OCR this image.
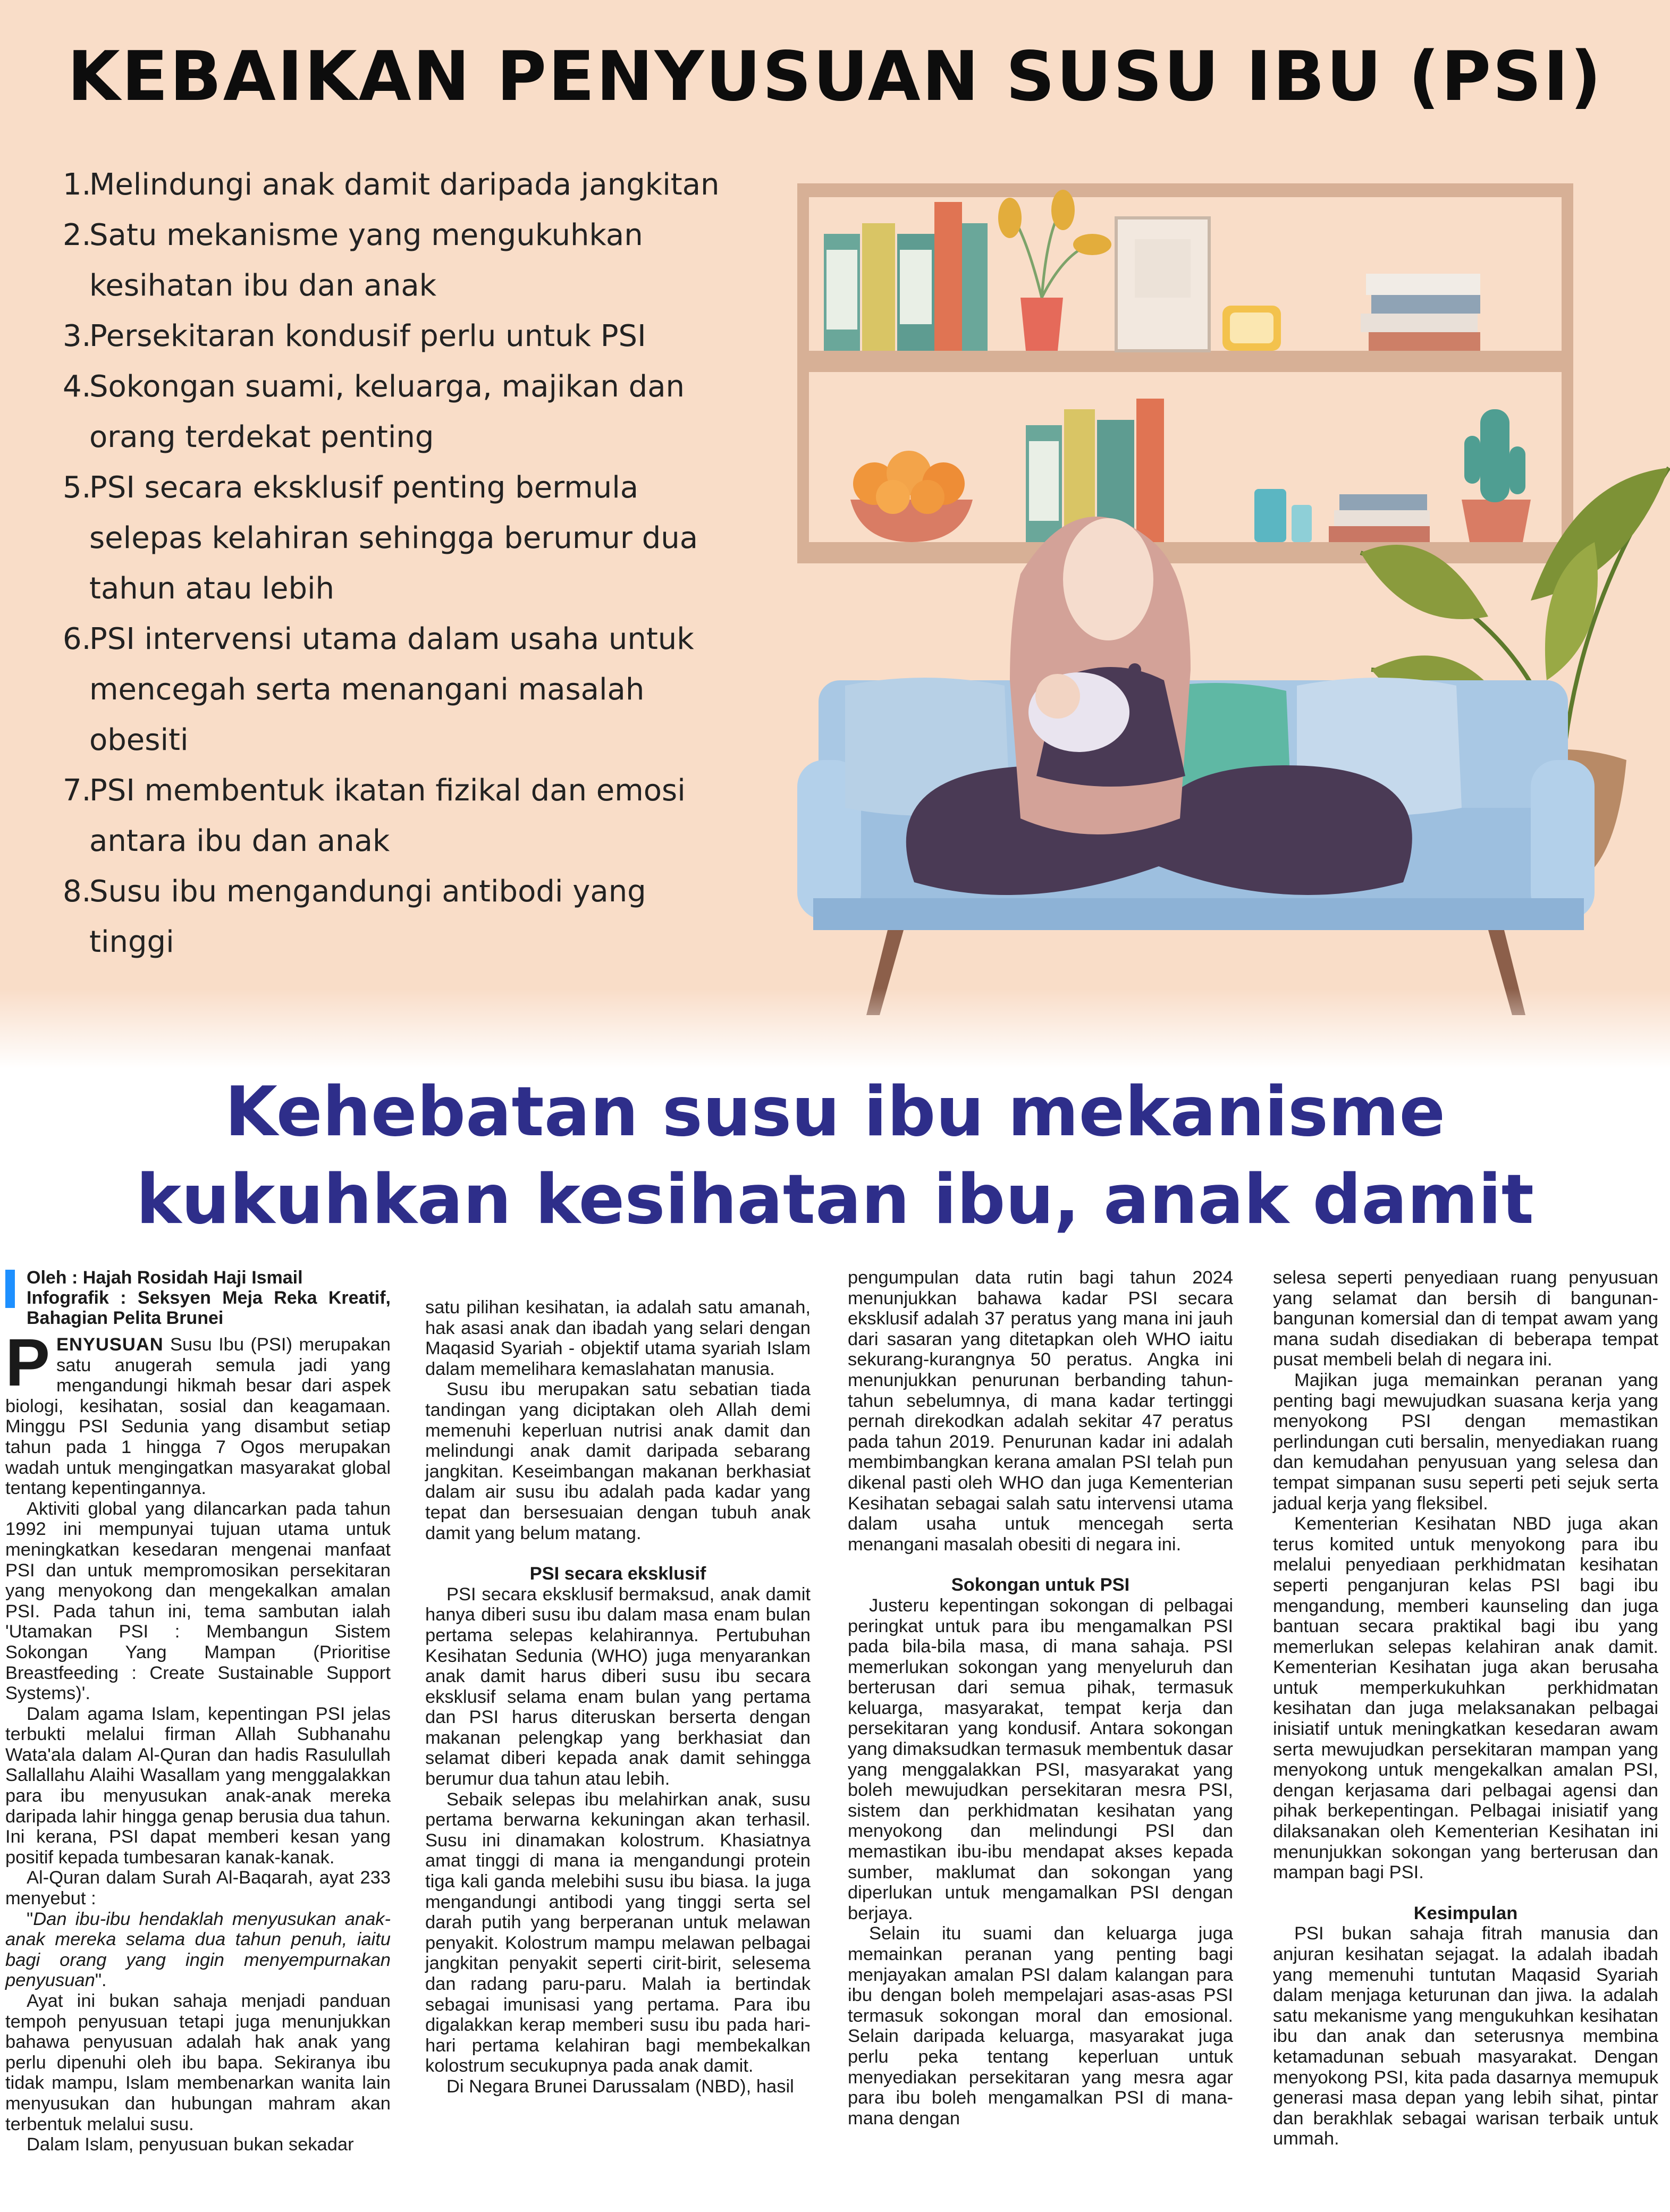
KEBAIKAN PENYUSUAN SUSU IBU (PSI)
1.
Melindungi anak damit daripada jangkitan
2.
Satu mekanisme yang mengukuhkan
kesihatan ibu dan anak
3.
Persekitaran kondusif perlu untuk PSI
4.
Sokongan suami, keluarga, majikan dan
orang terdekat penting
5.
PSI secara eksklusif penting bermula
selepas kelahiran sehingga berumur dua
tahun atau lebih
6.
PSI intervensi utama dalam usaha untuk
mencegah serta menangani masalah
obesiti
7.
PSI membentuk ikatan fizikal dan emosi
antara ibu dan anak
8.
Susu ibu mengandungi antibodi yang
tinggi
Kehebatan susu ibu mekanisme
kukuhkan kesihatan ibu, anak damit
Oleh : Hajah Rosidah Haji Ismail
Infografik : Seksyen Meja Reka Kreatif, Bahagian Pelita Brunei

PENYUSUAN Susu Ibu (PSI) merupakan satu anugerah semula jadi yang mengandungi hikmah besar dari aspek biologi, kesihatan, sosial dan keagamaan. Minggu PSI Sedunia yang disambut setiap tahun pada 1 hingga 7 Ogos merupakan wadah untuk mengingatkan masyarakat global tentang kepentingannya.

Aktiviti global yang dilancarkan pada tahun 1992 ini mempunyai tujuan utama untuk meningkatkan kesedaran mengenai manfaat PSI dan untuk mempromosikan persekitaran yang menyokong dan mengekalkan amalan PSI. Pada tahun ini, tema sambutan ialah 'Utamakan PSI : Membangun Sistem Sokongan Yang Mampan (Prioritise Breastfeeding : Create Sustainable Support Systems)'.

Dalam agama Islam, kepentingan PSI jelas terbukti melalui firman Allah Subhanahu Wata'ala dalam Al-Quran dan hadis Rasulullah Sallallahu Alaihi Wasallam yang menggalakkan para ibu menyusukan anak-anak mereka daripada lahir hingga genap berusia dua tahun. Ini kerana, PSI dapat memberi kesan yang positif kepada tumbesaran kanak-kanak.

Al-Quran dalam Surah Al-Baqarah, ayat 233 menyebut :

"Dan ibu-ibu hendaklah menyusukan anak-anak mereka selama dua tahun penuh, iaitu bagi orang yang ingin menyempurnakan penyusuan".

Ayat ini bukan sahaja menjadi panduan tempoh penyusuan tetapi juga menunjukkan bahawa penyusuan adalah hak anak yang perlu dipenuhi oleh ibu bapa. Sekiranya ibu tidak mampu, Islam membenarkan wanita lain menyusukan dan hubungan mahram akan terbentuk melalui susu.

Dalam Islam, penyusuan bukan sekadar

satu pilihan kesihatan, ia adalah satu amanah, hak asasi anak dan ibadah yang selari dengan Maqasid Syariah - objektif utama syariah Islam dalam memelihara kemaslahatan manusia.

Susu ibu merupakan satu sebatian tiada tandingan yang diciptakan oleh Allah demi memenuhi keperluan nutrisi anak damit dan melindungi anak damit daripada sebarang jangkitan. Keseimbangan makanan berkhasiat dalam air susu ibu adalah pada kadar yang tepat dan bersesuaian dengan tubuh anak damit yang belum matang.

PSI secara eksklusif

PSI secara eksklusif bermaksud, anak damit hanya diberi susu ibu dalam masa enam bulan pertama selepas kelahirannya. Pertubuhan Kesihatan Sedunia (WHO) juga menyarankan anak damit harus diberi susu ibu secara eksklusif selama enam bulan yang pertama dan PSI harus diteruskan berserta dengan makanan pelengkap yang berkhasiat dan selamat diberi kepada anak damit sehingga berumur dua tahun atau lebih.

Sebaik selepas ibu melahirkan anak, susu pertama berwarna kekuningan akan terhasil. Susu ini dinamakan kolostrum. Khasiatnya amat tinggi di mana ia mengandungi protein tiga kali ganda melebihi susu ibu biasa. Ia juga mengandungi antibodi yang tinggi serta sel darah putih yang berperanan untuk melawan penyakit. Kolostrum mampu melawan pelbagai jangkitan penyakit seperti cirit-birit, selesema dan radang paru-paru. Malah ia bertindak sebagai imunisasi yang pertama. Para ibu digalakkan kerap memberi susu ibu pada hari-hari pertama kelahiran bagi membekalkan kolostrum secukupnya pada anak damit.

Di Negara Brunei Darussalam (NBD), hasil

pengumpulan data rutin bagi tahun 2024 menunjukkan bahawa kadar PSI secara eksklusif adalah 37 peratus yang mana ini jauh dari sasaran yang ditetapkan oleh WHO iaitu sekurang-kurangnya 50 peratus. Angka ini menunjukkan penurunan berbanding tahun-tahun sebelumnya, di mana kadar tertinggi pernah direkodkan adalah sekitar 47 peratus pada tahun 2019. Penurunan kadar ini adalah membimbangkan kerana amalan PSI telah pun dikenal pasti oleh WHO dan juga Kementerian Kesihatan sebagai salah satu intervensi utama dalam usaha untuk mencegah serta menangani masalah obesiti di negara ini.

Sokongan untuk PSI

Justeru kepentingan sokongan di pelbagai peringkat untuk para ibu mengamalkan PSI pada bila-bila masa, di mana sahaja. PSI memerlukan sokongan yang menyeluruh dan berterusan dari semua pihak, termasuk keluarga, masyarakat, tempat kerja dan persekitaran yang kondusif. Antara sokongan yang dimaksudkan termasuk membentuk dasar yang menggalakkan PSI, masyarakat yang boleh mewujudkan persekitaran mesra PSI, sistem dan perkhidmatan kesihatan yang menyokong dan melindungi PSI dan memastikan ibu-ibu mendapat akses kepada sumber, maklumat dan sokongan yang diperlukan untuk mengamalkan PSI dengan berjaya.

Selain itu suami dan keluarga juga memainkan peranan yang penting bagi menjayakan amalan PSI dalam kalangan para ibu dengan boleh mempelajari asas-asas PSI termasuk sokongan moral dan emosional. Selain daripada keluarga, masyarakat juga perlu peka tentang keperluan untuk menyediakan persekitaran yang mesra agar para ibu boleh mengamalkan PSI di mana-mana dengan

selesa seperti penyediaan ruang penyusuan yang selamat dan bersih di bangunan-bangunan komersial dan di tempat awam yang mana sudah disediakan di beberapa tempat pusat membeli belah di negara ini.

Majikan juga memainkan peranan yang penting bagi mewujudkan suasana kerja yang menyokong PSI dengan memastikan perlindungan cuti bersalin, menyediakan ruang dan kemudahan penyusuan yang selesa dan tempat simpanan susu seperti peti sejuk serta jadual kerja yang fleksibel.

Kementerian Kesihatan NBD juga akan terus komited untuk menyokong para ibu melalui penyediaan perkhidmatan kesihatan seperti penganjuran kelas PSI bagi ibu mengandung, memberi kaunseling dan juga bantuan secara praktikal bagi ibu yang memerlukan selepas kelahiran anak damit. Kementerian Kesihatan juga akan berusaha untuk memperkukuhkan perkhidmatan kesihatan dan juga melaksanakan pelbagai inisiatif untuk meningkatkan kesedaran awam serta mewujudkan persekitaran mampan yang menyokong untuk mengekalkan amalan PSI, dengan kerjasama dari pelbagai agensi dan pihak berkepentingan. Pelbagai inisiatif yang dilaksanakan oleh Kementerian Kesihatan ini menunjukkan sokongan yang berterusan dan mampan bagi PSI.

Kesimpulan

PSI bukan sahaja fitrah manusia dan anjuran kesihatan sejagat. Ia adalah ibadah yang memenuhi tuntutan Maqasid Syariah dalam menjaga keturunan dan jiwa. Ia adalah satu mekanisme yang mengukuhkan kesihatan ibu dan anak dan seterusnya membina ketamadunan sebuah masyarakat. Dengan menyokong PSI, kita pada dasarnya memupuk generasi masa depan yang lebih sihat, pintar dan berakhlak sebagai warisan terbaik untuk ummah.
